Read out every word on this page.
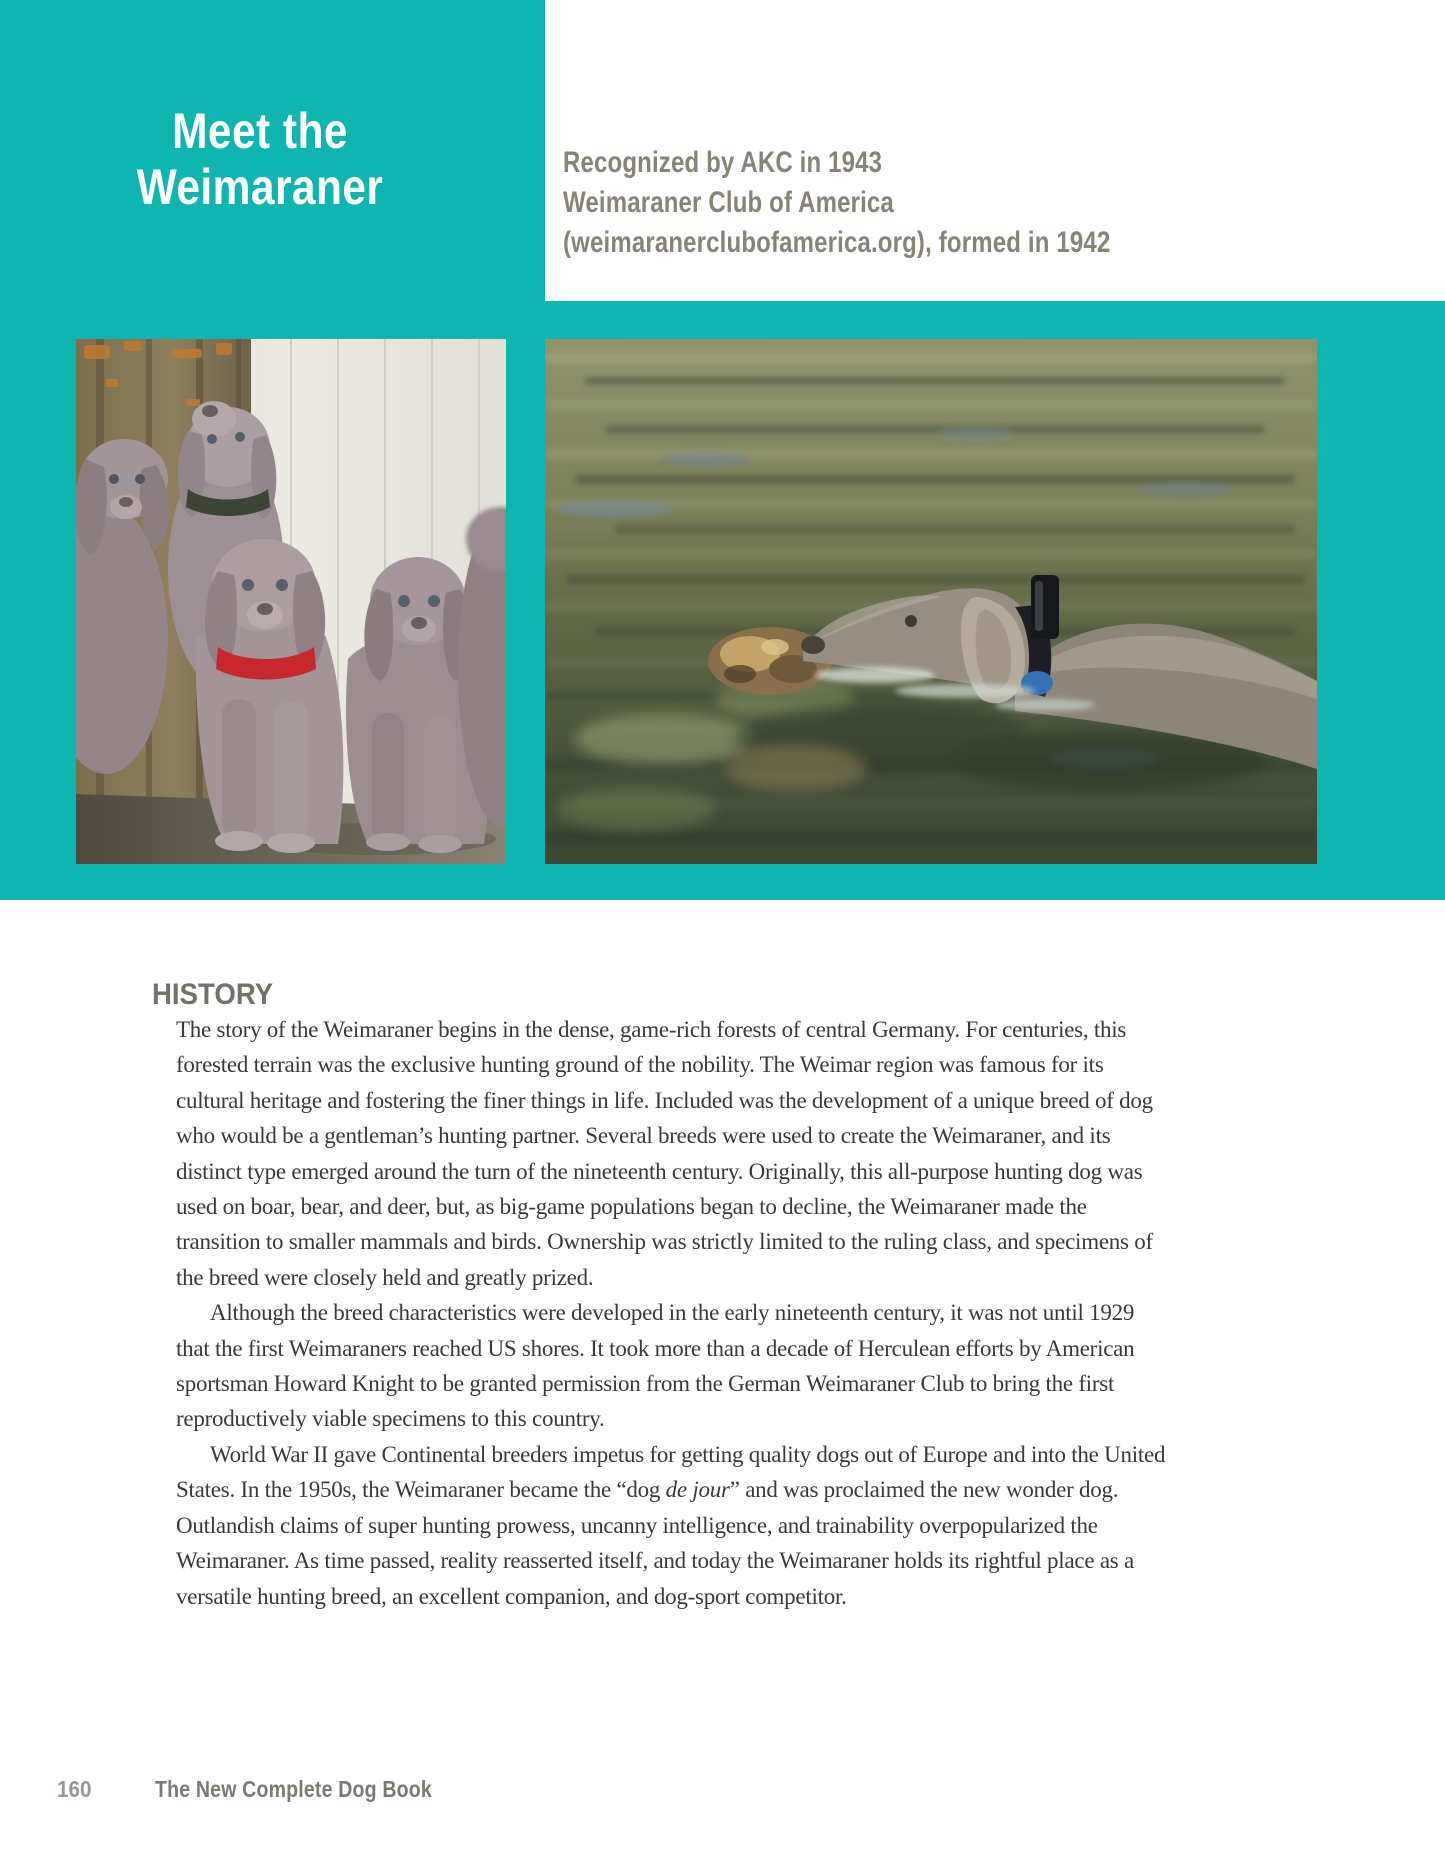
Meet the
Weimaraner	Recognized by AKC in 1943
Weimaraner Club of America
(weimaranerclubofamerica.org), formed in 1942
HISTORY

The story of the Weimaraner begins in the dense, game-rich forests of central Germany. For centuries, this forested terrain was the exclusive hunting ground of the nobility. The Weimar region was famous for its cultural heritage and fostering the finer things in life. Included was the development of a unique breed of dog who would be a gentleman’s hunting partner. Several breeds were used to create the Weimaraner, and its distinct type emerged around the turn of the nineteenth century. Originally, this all-purpose hunting dog was used on boar, bear, and deer, but, as big-game populations began to decline, the Weimaraner made the transition to smaller mammals and birds. Ownership was strictly limited to the ruling class, and specimens of the breed were closely held and greatly prized.

Although the breed characteristics were developed in the early nineteenth century, it was not until 1929 that the first Weimaraners reached US shores. It took more than a decade of Herculean efforts by American sportsman Howard Knight to be granted permission from the German Weimaraner Club to bring the first reproductively viable specimens to this country.

World War II gave Continental breeders impetus for getting quality dogs out of Europe and into the United States. In the 1950s, the Weimaraner became the “dog de jour” and was proclaimed the new wonder dog. Outlandish claims of super hunting prowess, uncanny intelligence, and trainability overpopularized the Weimaraner. As time passed, reality reasserted itself, and today the Weimaraner holds its rightful place as a versatile hunting breed, an excellent companion, and dog-sport competitor.

160	The New Complete Dog Book
